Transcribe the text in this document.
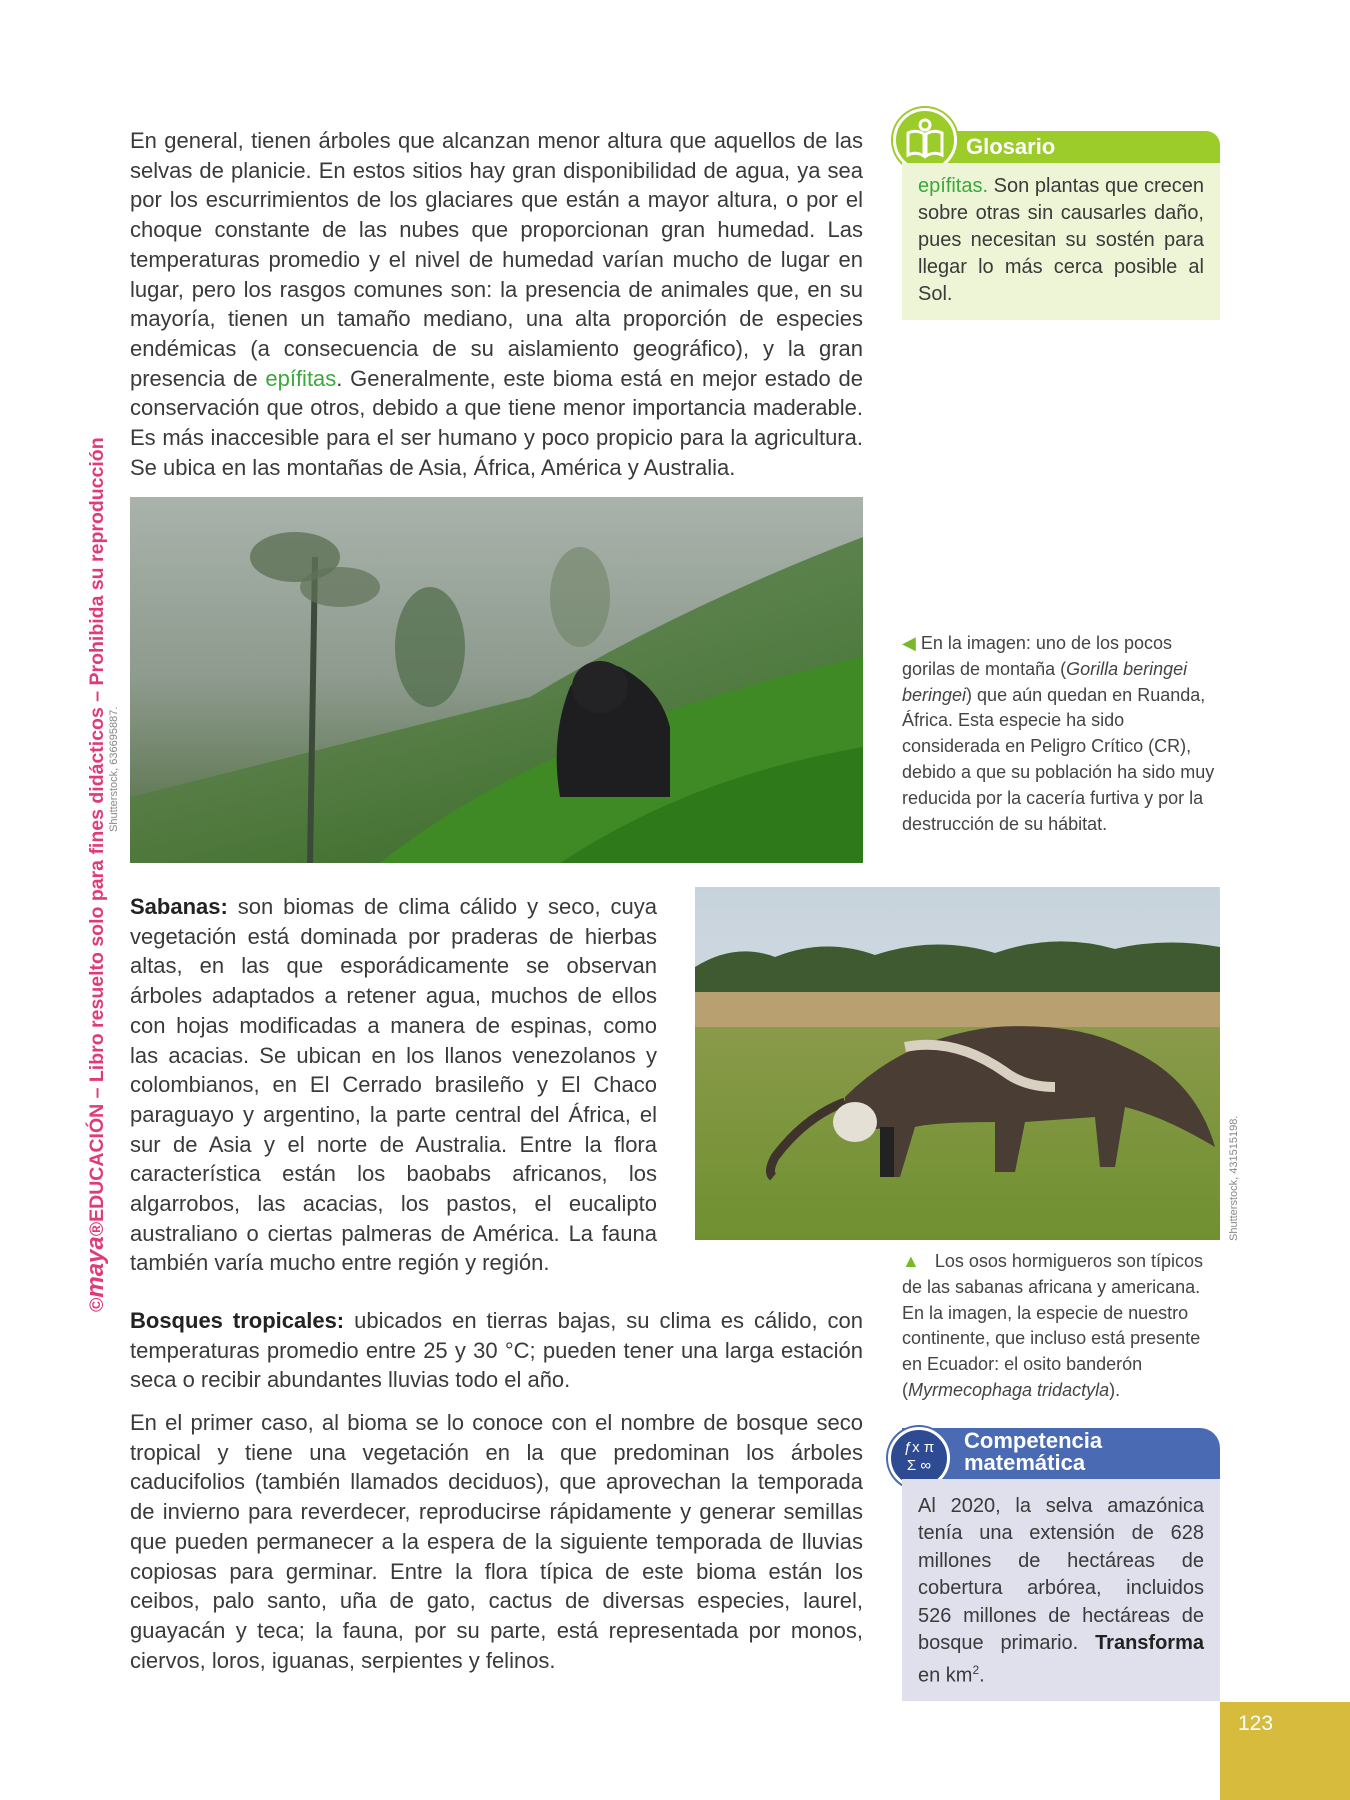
En general, tienen árboles que alcanzan menor altura que aquellos de las selvas de planicie. En estos sitios hay gran disponibilidad de agua, ya sea por los escurrimientos de los glaciares que están a mayor altura, o por el choque constante de las nubes que proporcionan gran humedad. Las temperaturas promedio y el nivel de humedad varían mucho de lugar en lugar, pero los rasgos comunes son: la presencia de animales que, en su mayoría, tienen un tamaño mediano, una alta proporción de especies endémicas (a consecuencia de su aislamiento geográfico), y la gran presencia de epífitas. Generalmente, este bioma está en mejor estado de conservación que otros, debido a que tiene menor importancia maderable. Es más inaccesible para el ser humano y poco propicio para la agricultura. Se ubica en las montañas de Asia, África, América y Australia.

Glosario
epífitas. Son plantas que crecen sobre otras sin causarles daño, pues necesitan su sostén para llegar lo más cerca posible al Sol.
Shutterstock, 636695887.

◀ En la imagen: uno de los pocos gorilas de montaña (Gorilla beringei beringei) que aún quedan en Ruanda, África. Esta especie ha sido considerada en Peligro Crítico (CR), debido a que su población ha sido muy reducida por la cacería furtiva y por la destrucción de su hábitat.

Sabanas: son biomas de clima cálido y seco, cuya vegetación está dominada por praderas de hierbas altas, en las que esporádicamente se observan árboles adaptados a retener agua, muchos de ellos con hojas modificadas a manera de espinas, como las acacias. Se ubican en los llanos venezolanos y colombianos, en El Cerrado brasileño y El Chaco paraguayo y argentino, la parte central del África, el sur de Asia y el norte de Australia. Entre la flora característica están los baobabs africanos, los algarrobos, las acacias, los pastos, el eucalipto australiano o ciertas palmeras de América. La fauna también varía mucho entre región y región.

Shutterstock, 431515198.

▲   Los osos hormigueros son típicos de las sabanas africana y americana. En la imagen, la especie de nuestro continente, que incluso está presente en Ecuador: el osito banderón (Myrmecophaga tridactyla).

Bosques tropicales: ubicados en tierras bajas, su clima es cálido, con temperaturas promedio entre 25 y 30 °C; pueden tener una larga estación seca o recibir abundantes lluvias todo el año.

En el primer caso, al bioma se lo conoce con el nombre de bosque seco tropical y tiene una vegetación en la que predominan los árboles caducifolios (también llamados deciduos), que aprovechan la temporada de invierno para reverdecer, reproducirse rápidamente y generar semillas que pueden permanecer a la espera de la siguiente temporada de lluvias copiosas para germinar. Entre la flora típica de este bioma están los ceibos, palo santo, uña de gato, cactus de diversas especies, laurel, guayacán y teca; la fauna, por su parte, está representada por monos, ciervos, loros, iguanas, serpientes y felinos.

Competencia
matemática
ƒx π Σ ∞
Al 2020, la selva amazónica tenía una extensión de 628 millones de hectáreas de cobertura arbórea, incluidos 526 millones de hectáreas de bosque primario. Transforma en $km^2$.
©maya®EDUCACIÓN – Libro resuelto solo para fines didácticos – Prohibida su reproducción
123
